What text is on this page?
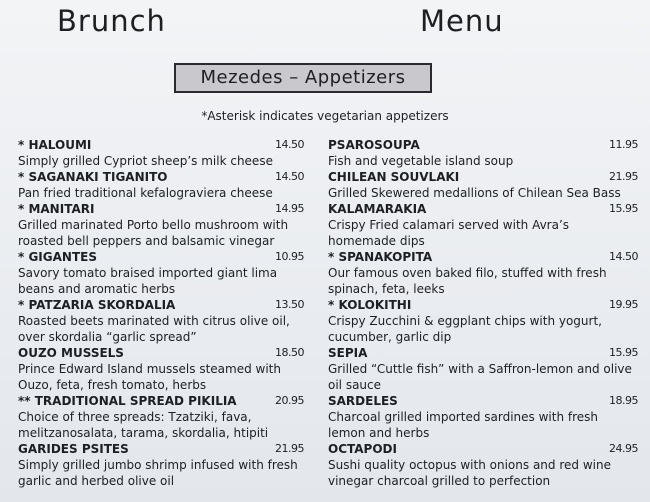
Brunch	Menu
Mezedes – Appetizers
*Asterisk indicates vegetarian appetizers
* HALOUMI	14.50
Simply grilled Cypriot sheep’s milk cheese
* SAGANAKI TIGANITO	14.50
Pan fried traditional kefalograviera cheese
* MANITARI	14.95
Grilled marinated Porto bello mushroom with roasted bell peppers and balsamic vinegar
* GIGANTES	10.95
Savory tomato braised imported giant lima beans and aromatic herbs
* PATZARIA SKORDALIA	13.50
Roasted beets marinated with citrus olive oil, over skordalia “garlic spread”
OUZO MUSSELS	18.50
Prince Edward Island mussels steamed with Ouzo, feta, fresh tomato, herbs
** TRADITIONAL SPREAD PIKILIA	20.95
Choice of three spreads: Tzatziki, fava, melitzanosalata, tarama, skordalia, htipiti
GARIDES PSITES	21.95
Simply grilled jumbo shrimp infused with fresh garlic and herbed olive oil
PSAROSOUPA	11.95
Fish and vegetable island soup
CHILEAN SOUVLAKI	21.95
Grilled Skewered medallions of Chilean Sea Bass
KALAMARAKIA	15.95
Crispy Fried calamari served with Avra’s homemade dips
* SPANAKOPITA	14.50
Our famous oven baked filo, stuffed with fresh spinach, feta, leeks
* KOLOKITHI	19.95
Crispy Zucchini & eggplant chips with yogurt, cucumber, garlic dip
SEPIA	15.95
Grilled “Cuttle fish” with a Saffron-lemon and olive oil sauce
SARDELES	18.95
Charcoal grilled imported sardines with fresh lemon and herbs
OCTAPODI	24.95
Sushi quality octopus with onions and red wine vinegar charcoal grilled to perfection
